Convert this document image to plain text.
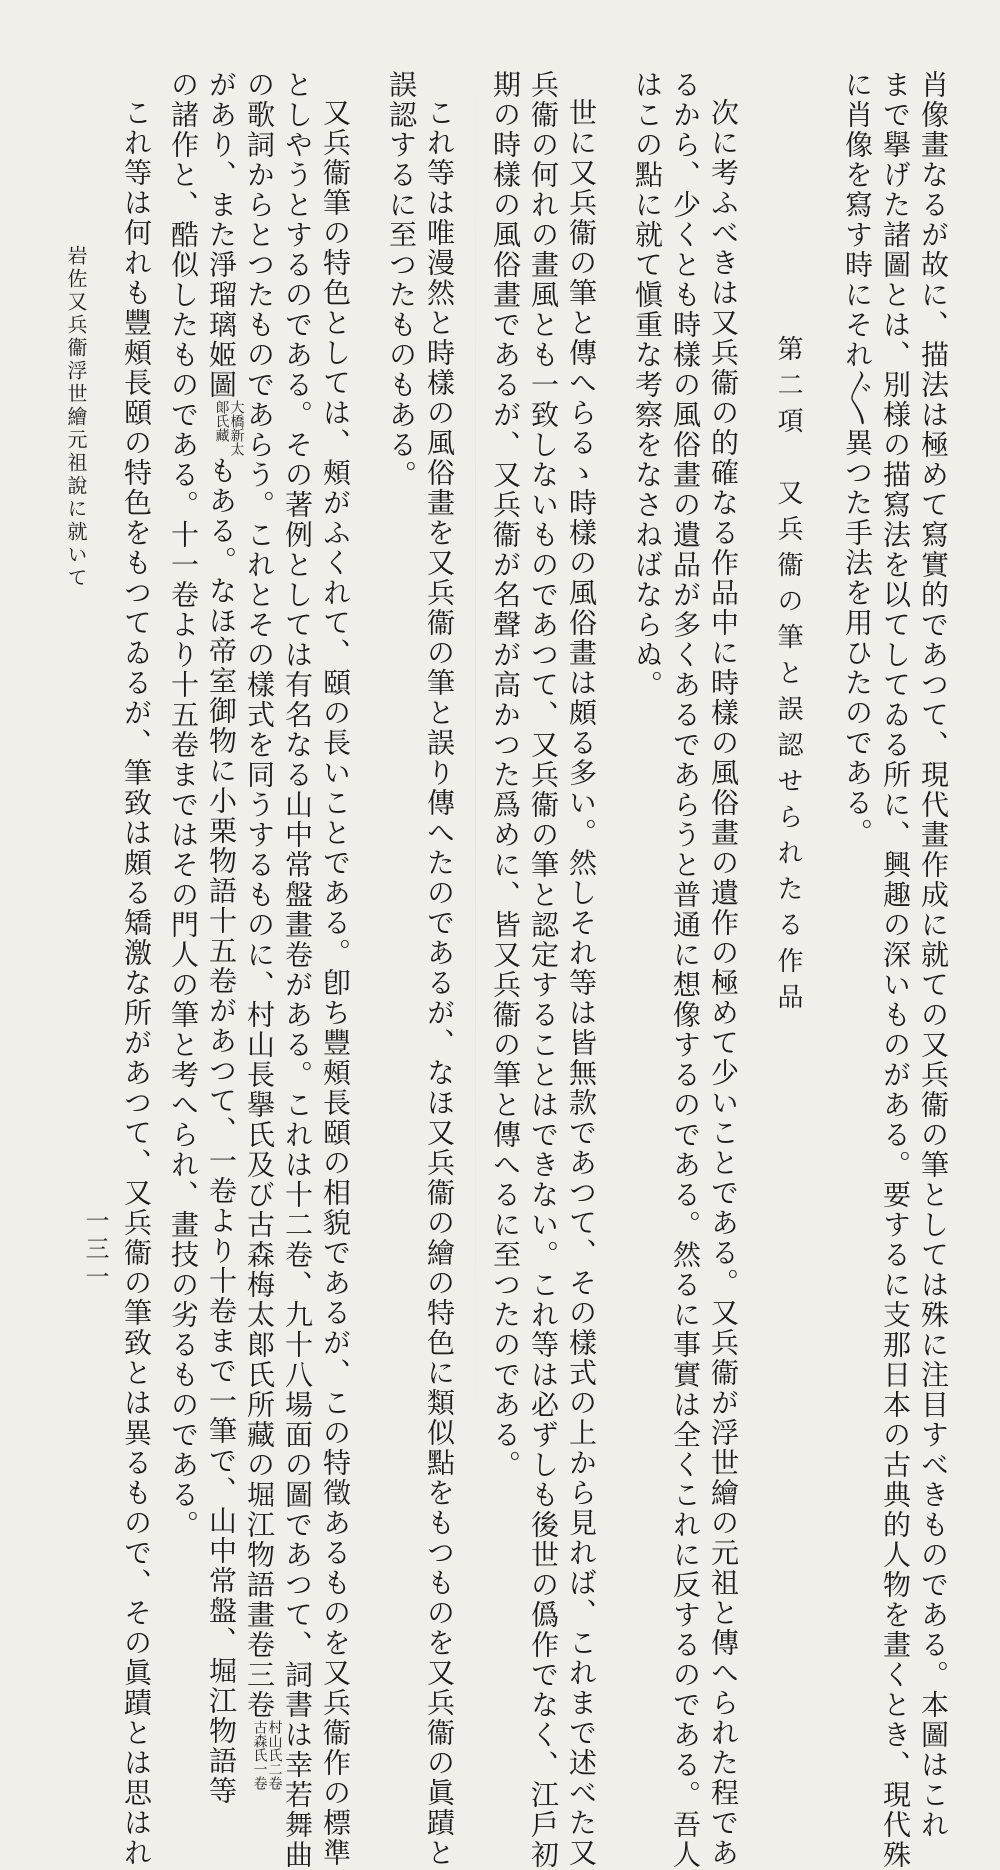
肖像畫なるが故に、描法は極めて寫實的であつて、現代畫作成に就ての又兵衞の筆としては殊に注目すべきものである。本圖はこれ
まで擧げた諸圖とは、別様の描寫法を以てしてゐる所に、興趣の深いものがある。要するに支那日本の古典的人物を畫くとき、現代殊
に肖像を寫す時にそれ〲異つた手法を用ひたのである。
第二項　又兵衞の筆と誤認せられたる作品
次に考ふべきは又兵衞の的確なる作品中に時樣の風俗畫の遺作の極めて少いことである。又兵衞が浮世繪の元祖と傳へられた程であ
るから、少くとも時樣の風俗畫の遺品が多くあるであらうと普通に想像するのである。然るに事實は全くこれに反するのである。吾人
はこの點に就て愼重な考察をなさねばならぬ。
世に又兵衞の筆と傳へらるゝ時樣の風俗畫は頗る多い。然しそれ等は皆無款であつて、その樣式の上から見れば、これまで述べた又
兵衞の何れの畫風とも一致しないものであつて、又兵衞の筆と認定することはできない。これ等は必ずしも後世の僞作でなく、江戶初
期の時樣の風俗畫であるが、又兵衞が名聲が高かつた爲めに、皆又兵衞の筆と傳へるに至つたのである。
これ等は唯漫然と時樣の風俗畫を又兵衞の筆と誤り傳へたのであるが、なほ又兵衞の繪の特色に類似點をもつものを又兵衞の眞蹟と
誤認するに至つたものもある。
又兵衞筆の特色としては、頰がふくれて、頤の長いことである。卽ち豐頰長頤の相貌であるが、この特徵あるものを又兵衞作の標準
としやうとするのである。その著例としては有名なる山中常盤畫卷がある。これは十二卷、九十八場面の圖であつて、詞書は幸若舞曲
の歌詞からとつたものであらう。これとその樣式を同うするものに、村山長擧氏及び古森梅太郞氏所藏の堀江物語畫卷三卷村山氏二卷
古森氏一卷
があり、また淨瑠璃姬圖大橋新太
郞氏藏もある。なほ帝室御物に小栗物語十五卷があつて、一卷より十卷まで一筆で、山中常盤、堀江物語等
の諸作と、酷似したものである。十一卷より十五卷まではその門人の筆と考へられ、畫技の劣るものである。
これ等は何れも豐頰長頤の特色をもつてゐるが、筆致は頗る矯激な所があつて、又兵衞の筆致とは異るもので、その眞蹟とは思はれ
岩佐又兵衞浮世繪元祖說に就いて
一三一
